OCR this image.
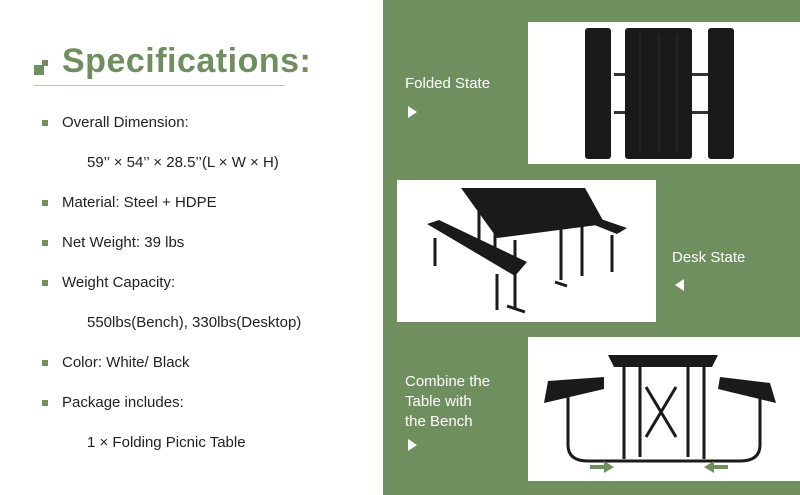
Specifications:
Overall Dimension:
59’’ × 54’’ × 28.5’’(L × W × H)
Material: Steel + HDPE
Net Weight: 39 lbs
Weight Capacity:
550lbs(Bench), 330lbs(Desktop)
Color: White/ Black
Package includes:
1 × Folding Picnic Table
Folded State
Desk State
Combine the
Table with
the Bench
